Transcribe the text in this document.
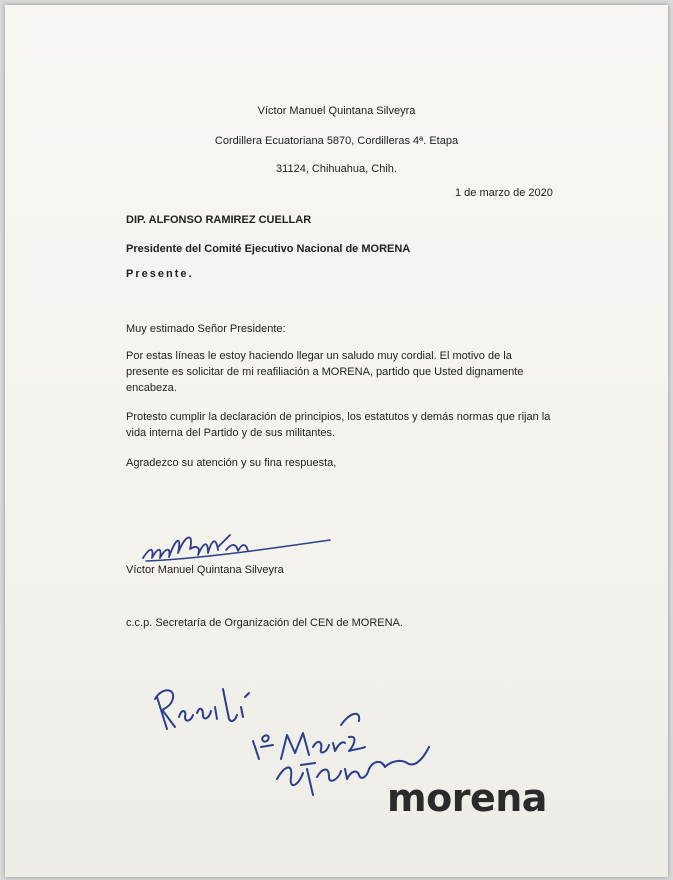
Víctor Manuel Quintana Silveyra
Cordillera Ecuatoriana 5870, Cordilleras 4ª. Etapa
31124, Chihuahua, Chih.
1 de marzo de 2020
DIP. ALFONSO RAMIREZ CUELLAR
Presidente del Comité Ejecutivo Nacional de MORENA
Presente.
Muy estimado Señor Presidente:
Por estas líneas le estoy haciendo llegar un saludo muy cordial. El motivo de la presente es solicitar de mi reafiliación a MORENA, partido que Usted dignamente encabeza.
Protesto cumplir la declaración de principios, los estatutos y demás normas que rijan la vida interna del Partido y de sus militantes.
Agradezco su atención y su fina respuesta,
Víctor Manuel Quintana Silveyra
c.c.p. Secretaría de Organización del CEN de MORENA.
morena
